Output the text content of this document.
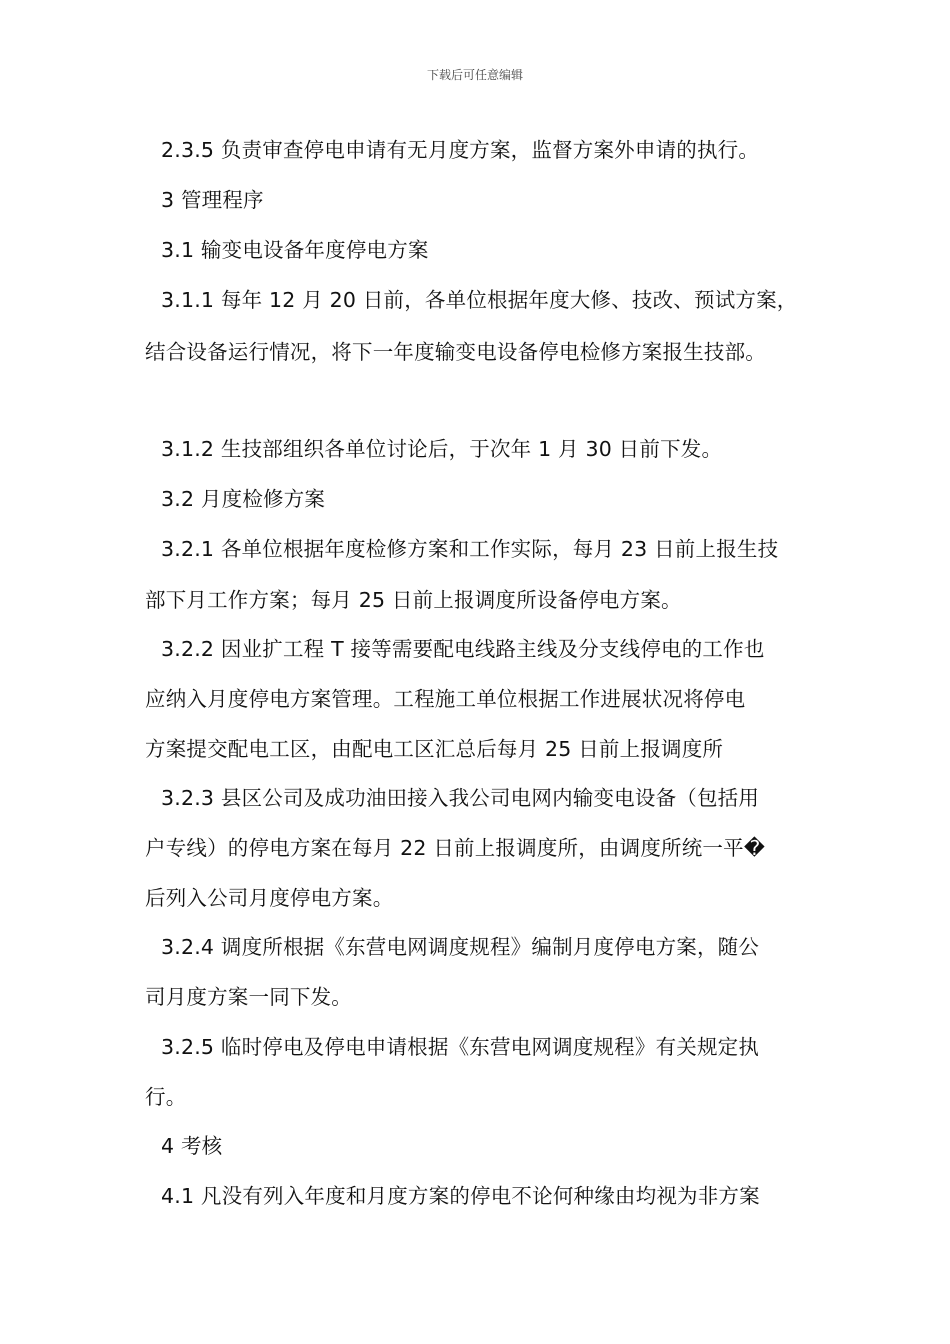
下载后可任意编辑
2.3.5 负责审查停电申请有无月度方案，监督方案外申请的执行。
3 管理程序
3.1 输变电设备年度停电方案
3.1.1 每年 12 月 20 日前，各单位根据年度大修、技改、预试方案，
结合设备运行情况，将下一年度输变电设备停电检修方案报生技部。
3.1.2 生技部组织各单位讨论后，于次年 1 月 30 日前下发。
3.2 月度检修方案
3.2.1 各单位根据年度检修方案和工作实际，每月 23 日前上报生技
部下月工作方案；每月 25 日前上报调度所设备停电方案。
3.2.2 因业扩工程 T 接等需要配电线路主线及分支线停电的工作也
应纳入月度停电方案管理。工程施工单位根据工作进展状况将停电
方案提交配电工区，由配电工区汇总后每月 25 日前上报调度所
3.2.3 县区公司及成功油田接入我公司电网内输变电设备（包括用
户专线）的停电方案在每月 22 日前上报调度所，由调度所统一平�
后列入公司月度停电方案。
3.2.4 调度所根据《东营电网调度规程》编制月度停电方案，随公
司月度方案一同下发。
3.2.5 临时停电及停电申请根据《东营电网调度规程》有关规定执
行。
4 考核
4.1 凡没有列入年度和月度方案的停电不论何种缘由均视为非方案
